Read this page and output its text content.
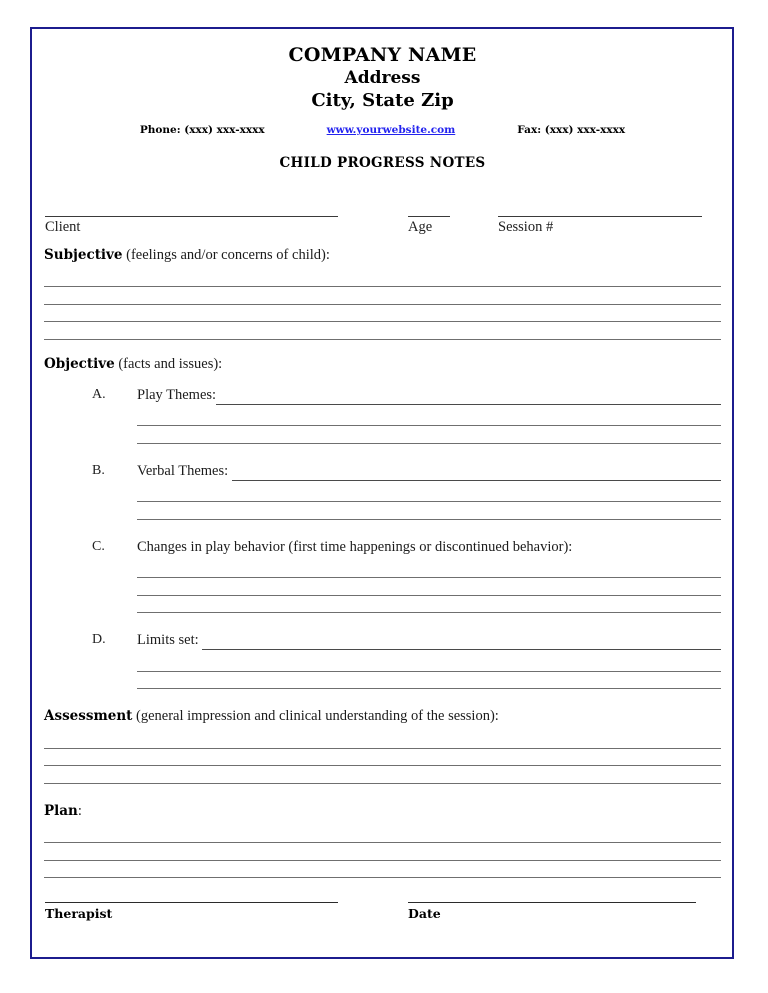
COMPANY NAME
Address
City, State Zip
Phone: (xxx) xxx-xxxx	www.yourwebsite.com	Fax: (xxx) xxx-xxxx
CHILD PROGRESS NOTES
Client	Age	Session #
Subjective (feelings and/or concerns of child):
Objective (facts and issues):
A. Play Themes:
B. Verbal Themes:
C. Changes in play behavior (first time happenings or discontinued behavior):
D. Limits set:
Assessment (general impression and clinical understanding of the session):
Plan:
Therapist	Date
